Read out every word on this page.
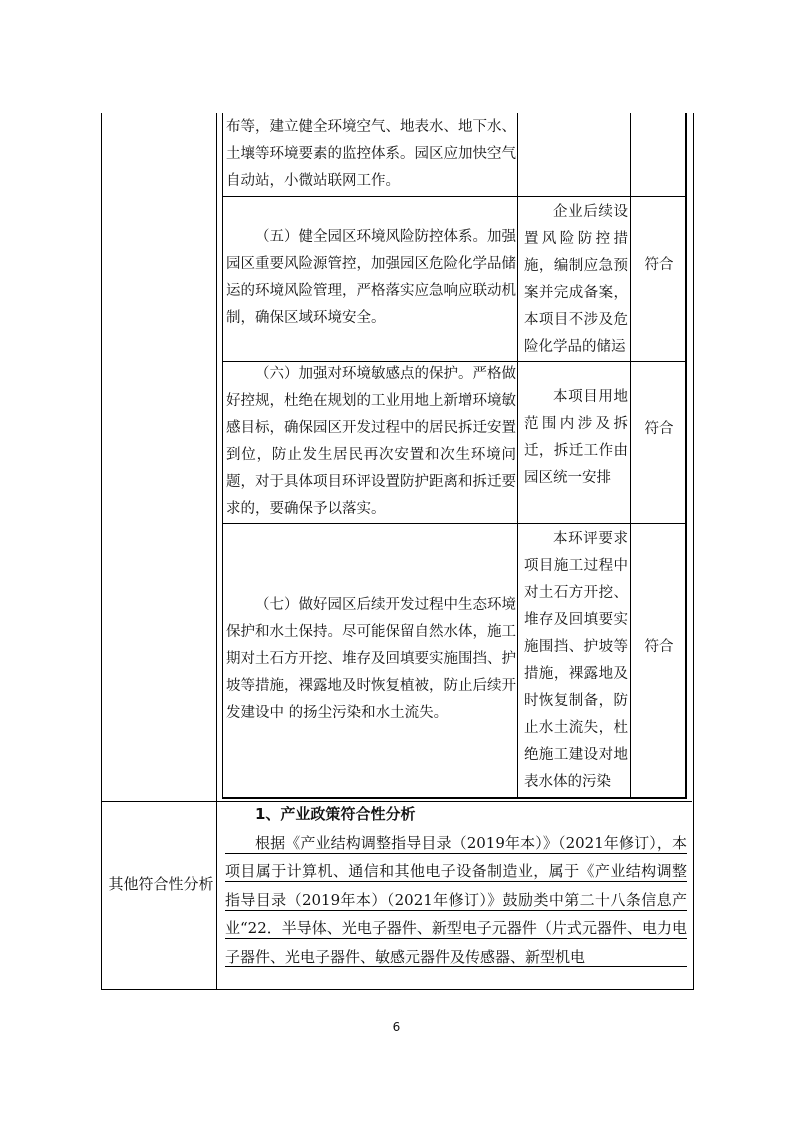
布等，建立健全环境空气、地表水、地下水、土壤等环境要素的监控体系。园区应加快空气自动站，小微站联网工作。

（五）健全园区环境风险防控体系。加强园区重要风险源管控，加强园区危险化学品储运的环境风险管理，严格落实应急响应联动机制，确保区域环境安全。

企业后续设置风险防控措施，编制应急预案并完成备案，本项目不涉及危险化学品的储运

符合

（六）加强对环境敏感点的保护。严格做好控规，杜绝在规划的工业用地上新增环境敏感目标，确保园区开发过程中的居民拆迁安置到位，防止发生居民再次安置和次生环境问题，对于具体项目环评设置防护距离和拆迁要求的，要确保予以落实。

本项目用地范围内涉及拆迁，拆迁工作由园区统一安排

符合

（七）做好园区后续开发过程中生态环境保护和水土保持。尽可能保留自然水体，施工期对土石方开挖、堆存及回填要实施围挡、护坡等措施，裸露地及时恢复植被，防止后续开发建设中 的扬尘污染和水土流失。

本环评要求项目施工过程中对土石方开挖、堆存及回填要实施围挡、护坡等措施，裸露地及时恢复制备，防止水土流失，杜绝施工建设对地表水体的污染

符合
其他符合性分析
1、产业政策符合性分析

根据《产业结构调整指导目录（2019年本）》（2021年修订），本项目属于计算机、通信和其他电子设备制造业，属于《产业结构调整指导目录（2019年本）（2021年修订）》鼓励类中第二十八条信息产业“22．半导体、光电子器件、新型电子元器件（片式元器件、电力电子器件、光电子器件、敏感元器件及传感器、新型机电

6
